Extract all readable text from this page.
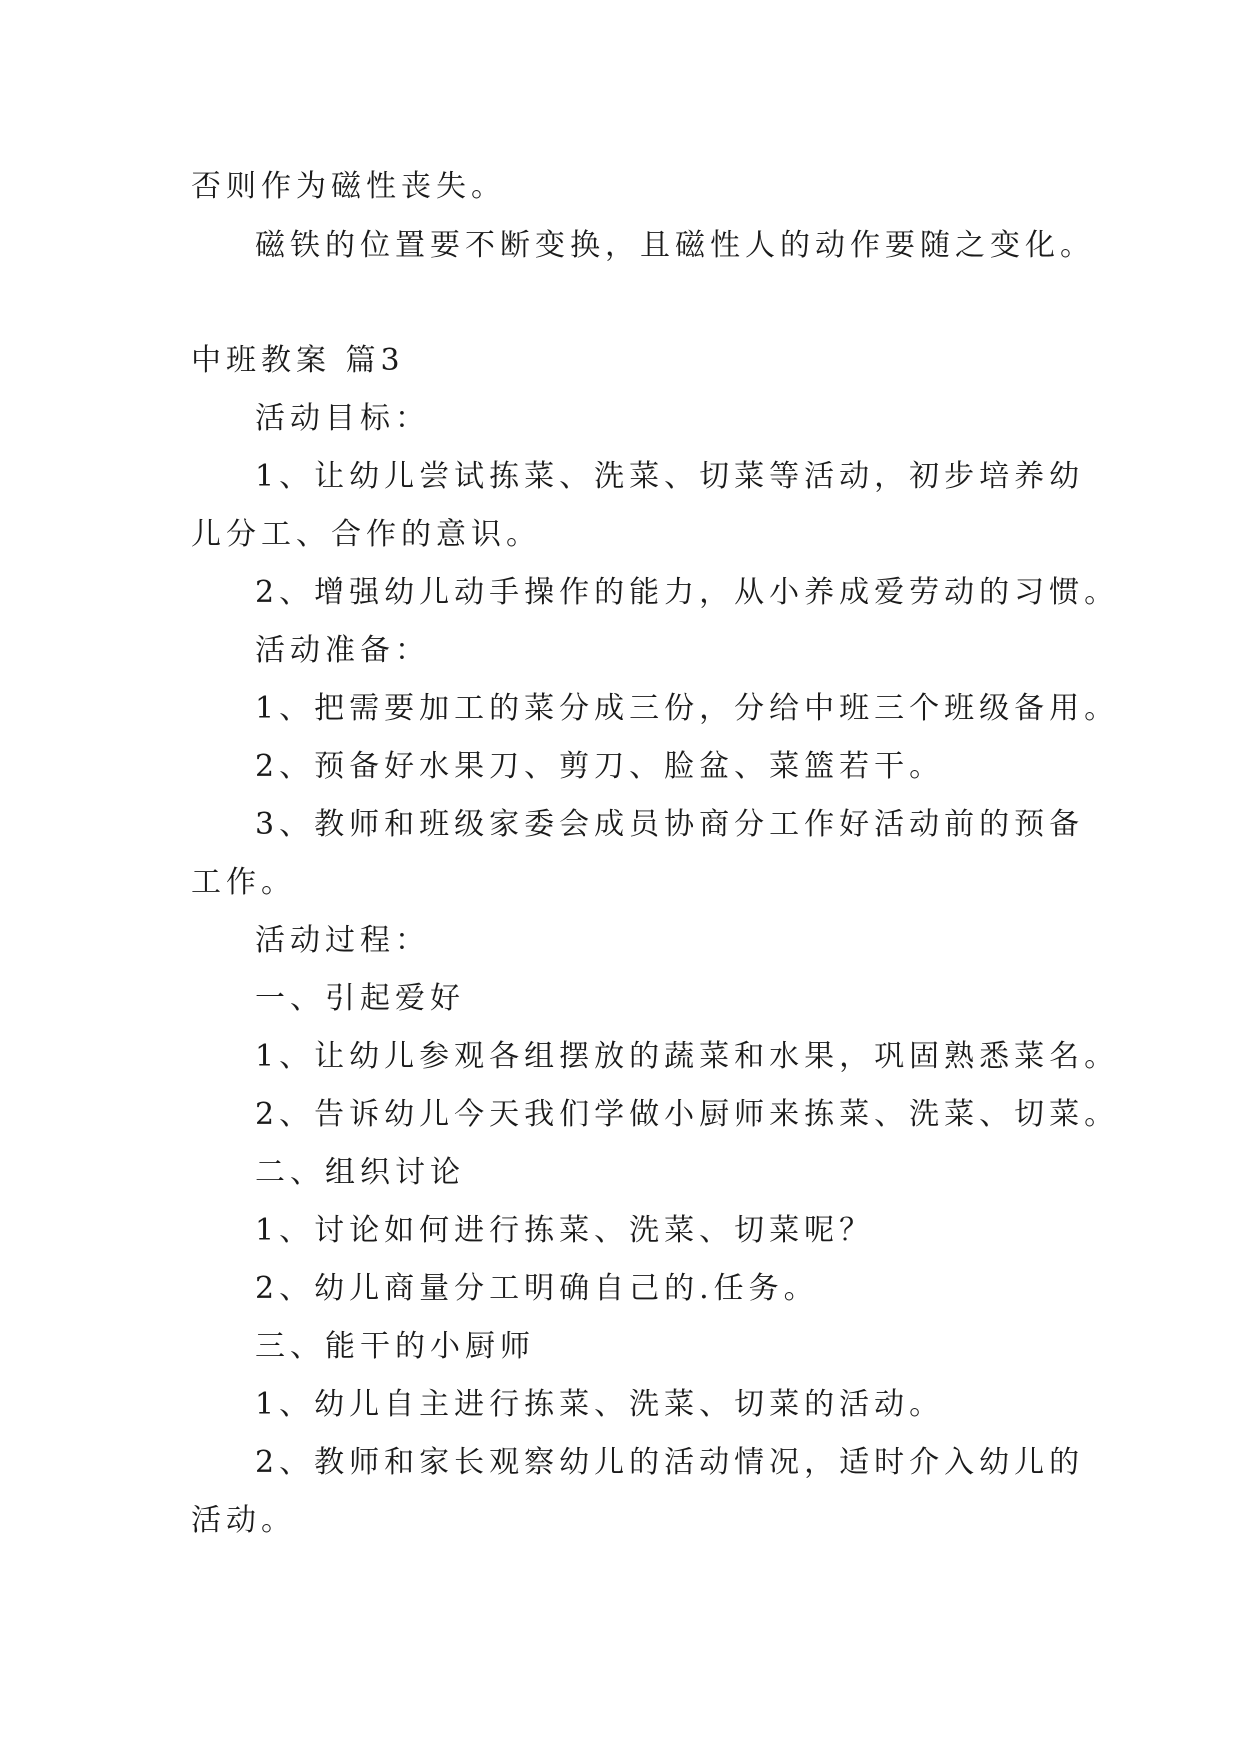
否则作为磁性丧失。
磁铁的位置要不断变换，且磁性人的动作要随之变化。
中班教案 篇3
活动目标：
1、让幼儿尝试拣菜、洗菜、切菜等活动，初步培养幼
儿分工、合作的意识。
2、增强幼儿动手操作的能力，从小养成爱劳动的习惯。
活动准备：
1、把需要加工的菜分成三份，分给中班三个班级备用。
2、预备好水果刀、剪刀、脸盆、菜篮若干。
3、教师和班级家委会成员协商分工作好活动前的预备
工作。
活动过程：
一、引起爱好
1、让幼儿参观各组摆放的蔬菜和水果，巩固熟悉菜名。
2、告诉幼儿今天我们学做小厨师来拣菜、洗菜、切菜。
二、组织讨论
1、讨论如何进行拣菜、洗菜、切菜呢？
2、幼儿商量分工明确自己的.任务。
三、能干的小厨师
1、幼儿自主进行拣菜、洗菜、切菜的活动。
2、教师和家长观察幼儿的活动情况，适时介入幼儿的
活动。
